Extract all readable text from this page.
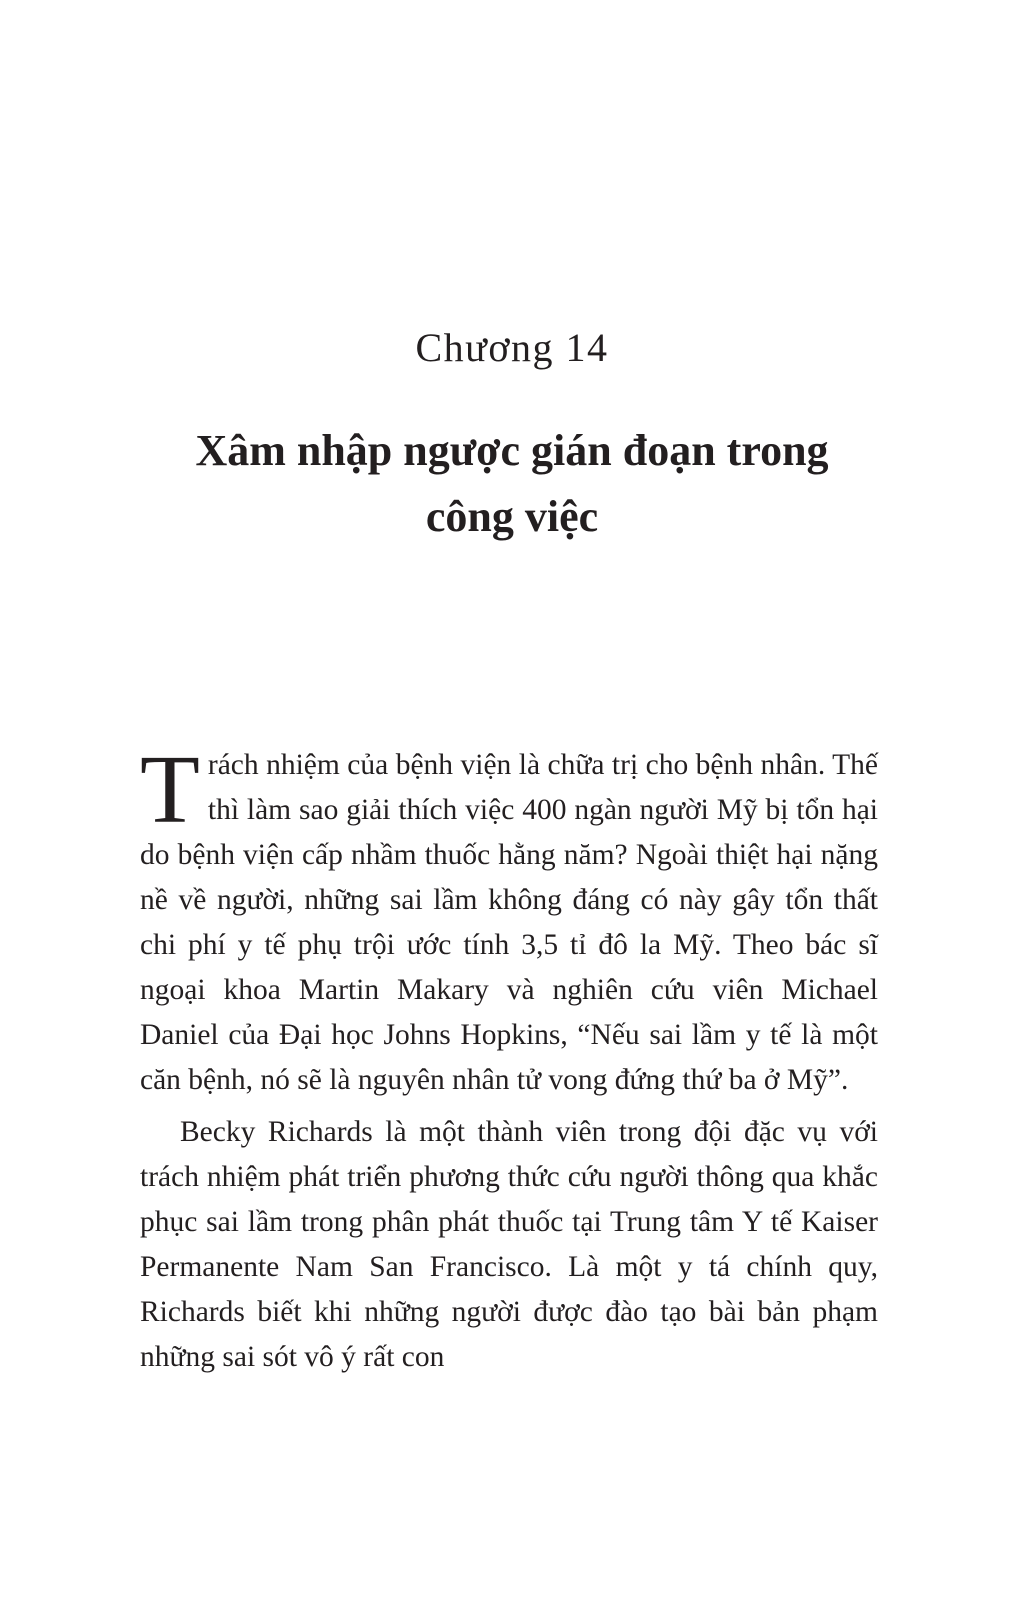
Chương 14
Xâm nhập ngược gián đoạn trong công việc

Trách nhiệm của bệnh viện là chữa trị cho bệnh nhân. Thế thì làm sao giải thích việc 400 ngàn người Mỹ bị tổn hại do bệnh viện cấp nhầm thuốc hằng năm? Ngoài thiệt hại nặng nề về người, những sai lầm không đáng có này gây tổn thất chi phí y tế phụ trội ước tính 3,5 tỉ đô la Mỹ. Theo bác sĩ ngoại khoa Martin Makary và nghiên cứu viên Michael Daniel của Đại học Johns Hopkins, “Nếu sai lầm y tế là một căn bệnh, nó sẽ là nguyên nhân tử vong đứng thứ ba ở Mỹ”.

Becky Richards là một thành viên trong đội đặc vụ với trách nhiệm phát triển phương thức cứu người thông qua khắc phục sai lầm trong phân phát thuốc tại Trung tâm Y tế Kaiser Permanente Nam San Francisco. Là một y tá chính quy, Richards biết khi những người được đào tạo bài bản phạm những sai sót vô ý rất con
